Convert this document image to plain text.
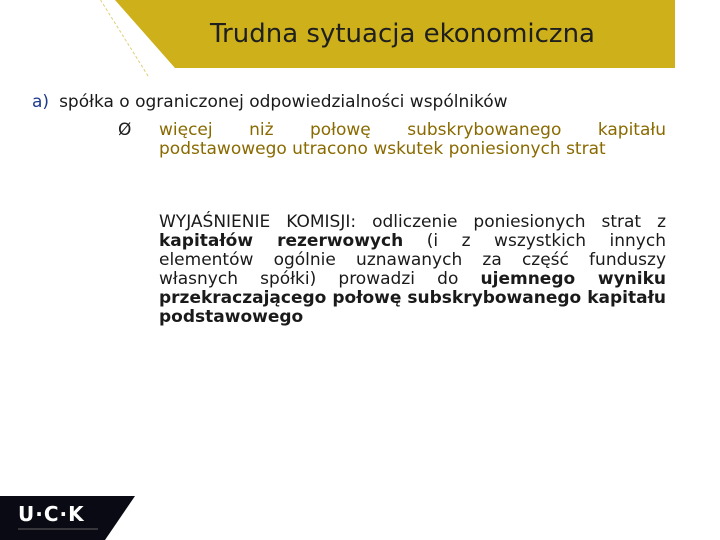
Trudna sytuacja ekonomiczna
a) spółka o ograniczonej odpowiedzialności wspólników
Ø więcej niż połowę subskrybowanego kapitału podstawowego utracono wskutek poniesionych strat
WYJAŚNIENIE KOMISJI: odliczenie poniesionych strat z kapitałów rezerwowych (i z wszystkich innych elementów ogólnie uznawanych za część funduszy własnych spółki) prowadzi do ujemnego wyniku przekraczającego połowę subskrybowanego kapitału podstawowego
U·C·K
